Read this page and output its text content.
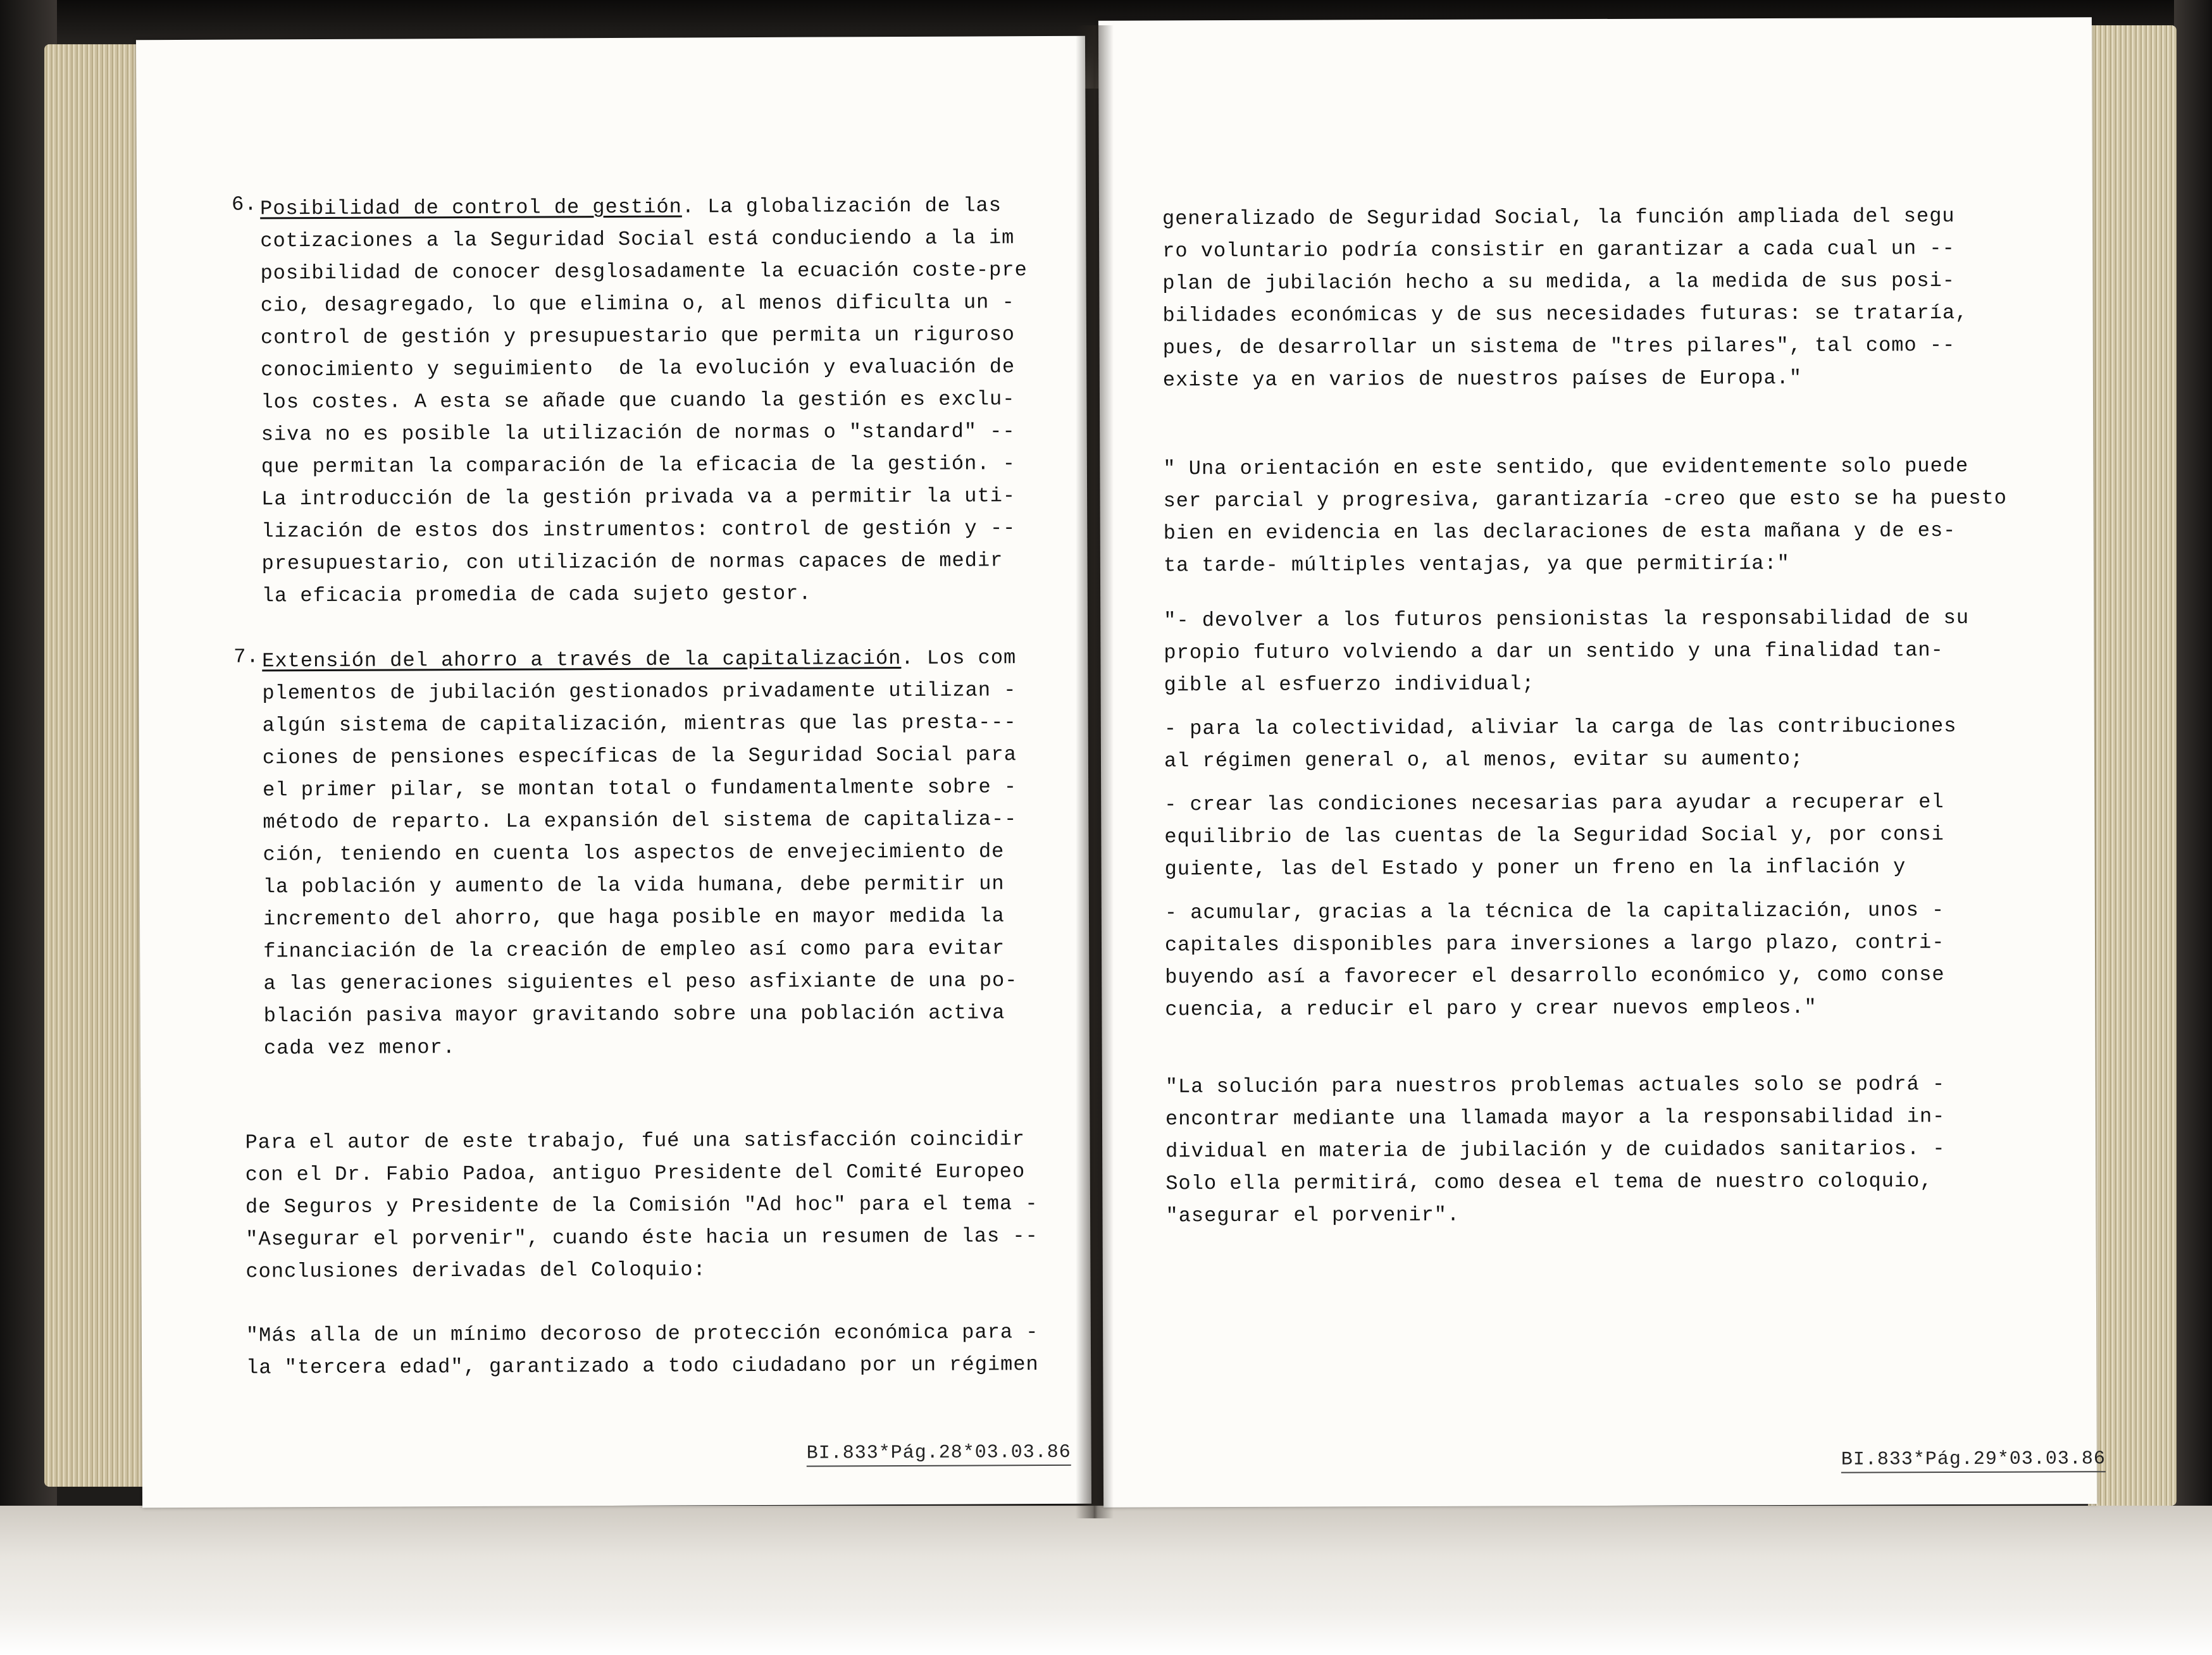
6. Posibilidad de control de gestión. La globalización de las
cotizaciones a la Seguridad Social está conduciendo a la im
posibilidad de conocer desglosadamente la ecuación coste-pre
cio, desagregado, lo que elimina o, al menos dificulta un -
control de gestión y presupuestario que permita un riguroso
conocimiento y seguimiento  de la evolución y evaluación de
los costes. A esta se añade que cuando la gestión es exclu-
siva no es posible la utilización de normas o "standard" --
que permitan la comparación de la eficacia de la gestión. -
La introducción de la gestión privada va a permitir la uti-
lización de estos dos instrumentos: control de gestión y --
presupuestario, con utilización de normas capaces de medir
la eficacia promedia de cada sujeto gestor.
7. Extensión del ahorro a través de la capitalización. Los com
plementos de jubilación gestionados privadamente utilizan -
algún sistema de capitalización, mientras que las presta---
ciones de pensiones específicas de la Seguridad Social para
el primer pilar, se montan total o fundamentalmente sobre -
método de reparto. La expansión del sistema de capitaliza--
ción, teniendo en cuenta los aspectos de envejecimiento de
la población y aumento de la vida humana, debe permitir un
incremento del ahorro, que haga posible en mayor medida la
financiación de la creación de empleo así como para evitar
a las generaciones siguientes el peso asfixiante de una po-
blación pasiva mayor gravitando sobre una población activa
cada vez menor.
Para el autor de este trabajo, fué una satisfacción coincidir
con el Dr. Fabio Padoa, antiguo Presidente del Comité Europeo
de Seguros y Presidente de la Comisión "Ad hoc" para el tema -
"Asegurar el porvenir", cuando éste hacia un resumen de las --
conclusiones derivadas del Coloquio:
"Más alla de un mínimo decoroso de protección económica para -
la "tercera edad", garantizado a todo ciudadano por un régimen
BI.833*Pág.28*03.03.86
generalizado de Seguridad Social, la función ampliada del segu
ro voluntario podría consistir en garantizar a cada cual un --
plan de jubilación hecho a su medida, a la medida de sus posi-
bilidades económicas y de sus necesidades futuras: se trataría,
pues, de desarrollar un sistema de "tres pilares", tal como --
existe ya en varios de nuestros países de Europa."
" Una orientación en este sentido, que evidentemente solo puede
ser parcial y progresiva, garantizaría -creo que esto se ha puesto
bien en evidencia en las declaraciones de esta mañana y de es-
ta tarde- múltiples ventajas, ya que permitiría:"
"- devolver a los futuros pensionistas la responsabilidad de su
propio futuro volviendo a dar un sentido y una finalidad tan-
gible al esfuerzo individual;
- para la colectividad, aliviar la carga de las contribuciones
al régimen general o, al menos, evitar su aumento;
- crear las condiciones necesarias para ayudar a recuperar el
equilibrio de las cuentas de la Seguridad Social y, por consi
guiente, las del Estado y poner un freno en la inflación y
- acumular, gracias a la técnica de la capitalización, unos -
capitales disponibles para inversiones a largo plazo, contri-
buyendo así a favorecer el desarrollo económico y, como conse
cuencia, a reducir el paro y crear nuevos empleos."
"La solución para nuestros problemas actuales solo se podrá -
encontrar mediante una llamada mayor a la responsabilidad in-
dividual en materia de jubilación y de cuidados sanitarios. -
Solo ella permitirá, como desea el tema de nuestro coloquio,
"asegurar el porvenir".
BI.833*Pág.29*03.03.86
